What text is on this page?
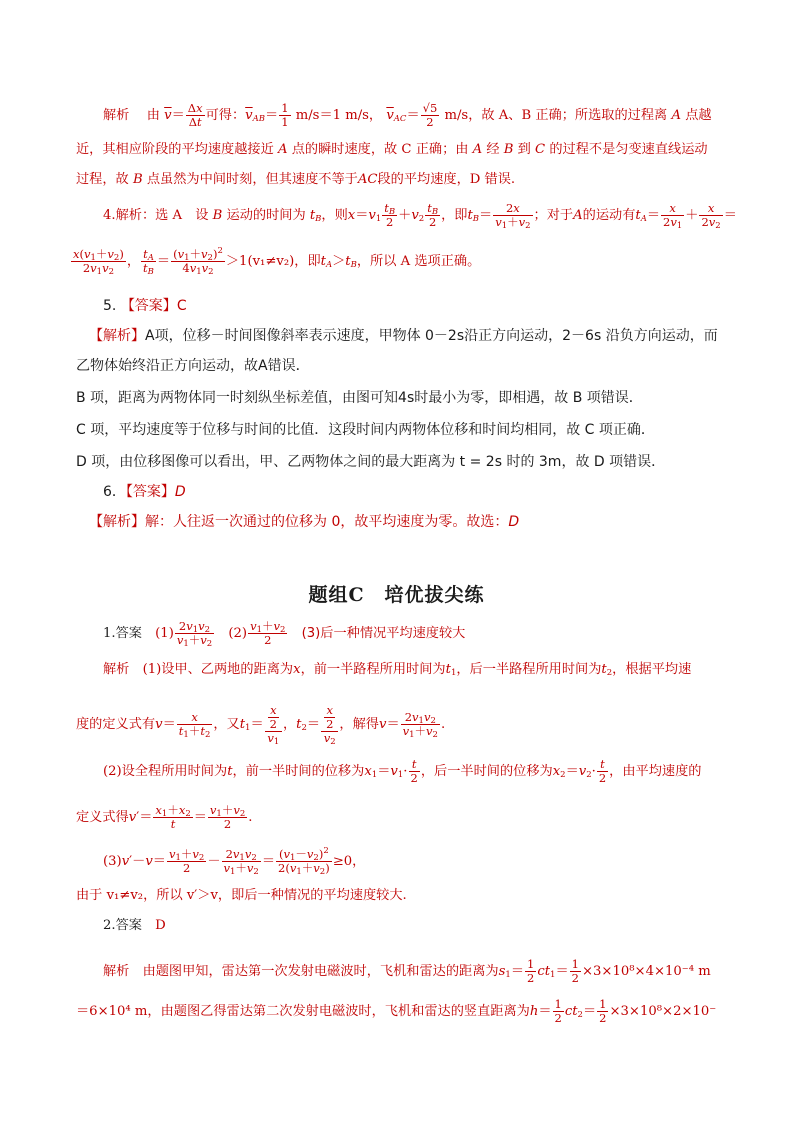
解析　 由 $\overline{v}= \frac{\Delta x}{\Delta t}$ 可得：$\overline{v}_{AB}= \frac{1}{1} m/s=1$ m/s， $\overline{v}_{AC}= \frac{√5}{2} m/s$，故 A、B 正确；所选取的过程离 A 点越
近，其相应阶段的平均速度越接近 A 点的瞬时速度，故 C 正确；由 A 经 B 到 C 的过程不是匀变速直线运动
过程，故 B 点虽然为中间时刻，但其速度不等于AC段的平均速度，D 错误.
4.解析：选 A　设 B 运动的时间为 $t_B$，则$x=v_1 \frac{t_B}{2} +v_2 \frac{t_B}{2}$ ，即$t_B= \frac{2x}{v_1+v_2}$ ；对于A的运动有$t_A= \frac{x}{2v_1} + \frac{x}{2v_2}$ ＝
$\frac{x(v_1+v_2)}{2v_1v_2}$ ， $\frac{t_A}{t_B} = \frac{(v_1+v_2)^2}{4v_1v_2} >1(v_1\ne v_2)$，即$t_A>t_B$，所以 A 选项正确。
5. 【答案】C
【解析】A项，位移－时间图像斜率表示速度，甲物体 0－2s沿正方向运动，2－6s 沿负方向运动，而
乙物体始终沿正方向运动，故A错误．
B 项，距离为两物体同一时刻纵坐标差值，由图可知4s时最小为零，即相遇，故 B 项错误．
C 项，平均速度等于位移与时间的比值．这段时间内两物体位移和时间均相同，故 C 项正确．
D 项，由位移图像可以看出，甲、乙两物体之间的最大距离为 t = 2s 时的 3m，故 D 项错误．
6．【答案】D
【解析】解：人往返一次通过的位移为 0，故平均速度为零。故选：D
题组C　培优拔尖练
1.答案　 $(1) \frac{2v_1v_2}{v_1+v_2}$ 　$(2) \frac{v_1+v_2}{2}$
　 (3)后一种情况平均速度较大
解析　 (1)设甲、乙两地的距离为x，前一半路程所用时间为$t_1$，后一半路程所用时间为$t_2$，根据平均速
度的定义式有$v= \frac{x}{t_1+t_2}$ ，又$t_1= \frac{\frac{x}{2}}{v_1}$ ，$t_2= \frac{\frac{x}{2}}{v_2}$ ，解得$v= \frac{2v_1v_2}{v_1+v_2}$ .
(2)设全程所用时间为t，前一半时间的位移为$x_1=v_1\cdot \frac{t}{2}$ ，后一半时间的位移为$x_2=v_2\cdot \frac{t}{2}$ ，由平均速度的
定义式得$v'= \frac{x_1+x_2}{t} = \frac{v_1+v_2}{2}$ .
$(3)v'-v= \frac{v_1+v_2}{2} - \frac{2v_1v_2}{v_1+v_2} = \frac{(v_1-v_2)^2}{2(v_1+v_2)} \ge 0$，
由于 v₁≠v₂，所以 v′＞v，即后一种情况的平均速度较大.
2.答案　 D
解析　 由题图甲知，雷达第一次发射电磁波时，飞机和雷达的距离为$s_1= \frac{1}{2} ct_1= \frac{1}{2} \times 3\times 10^8\times 4\times 10^{-4}$ m
＝6×10⁴ m，由题图乙得雷达第二次发射电磁波时，飞机和雷达的竖直距离为$h= \frac{1}{2} ct_2= \frac{1}{2} \times 3\times 10^8\times 2\times 10^-$
